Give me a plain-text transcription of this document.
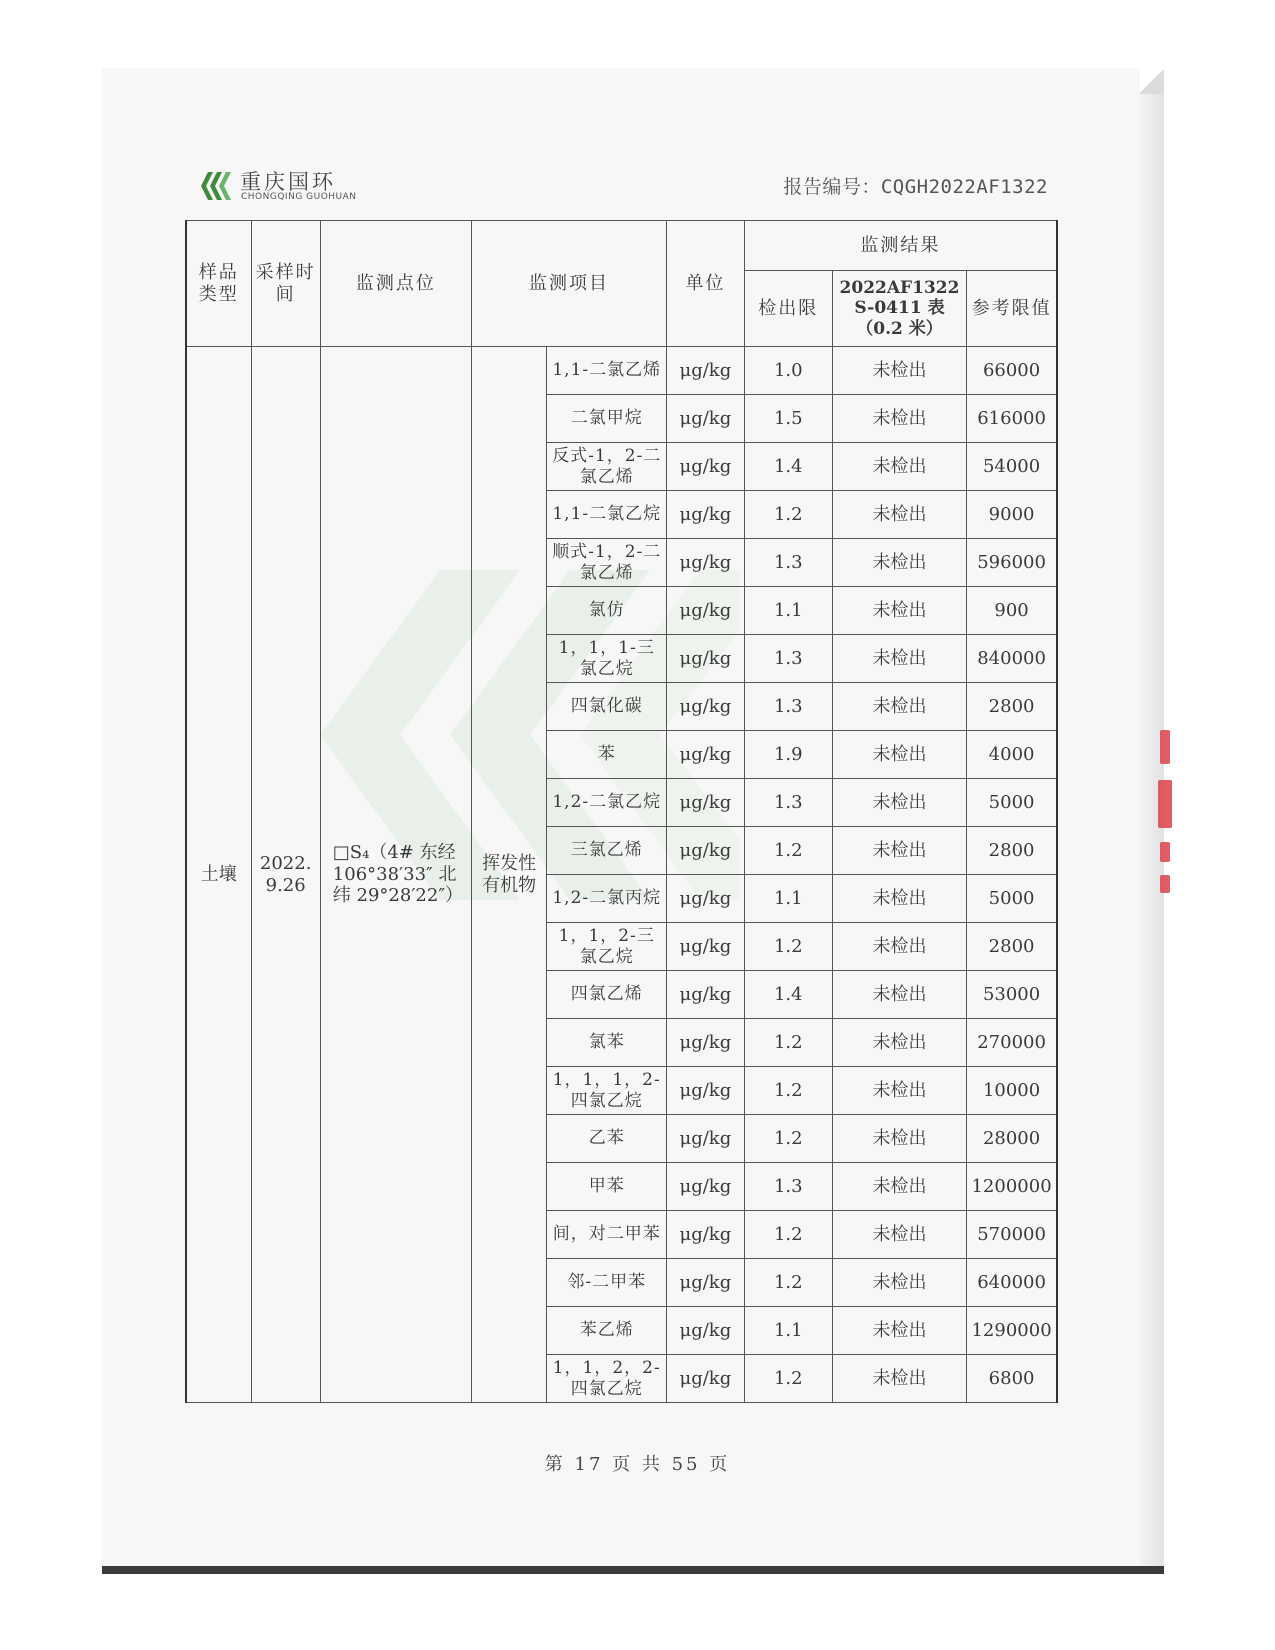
重庆国环
CHONGQING GUOHUAN	报告编号：CQGH2022AF1322
样品类型	采样时间	监测点位	监测项目		单位	监测结果		
						检出限	2022AF1322 S-0411 表 （0.2 米）	参考限值
土壤	2022. 9.26	□S₄（4# 东经 106°38′33″ 北纬 29°28′22″）	挥发性有机物	1,1-二氯乙烯	μg/kg	1.0	未检出	66000
				二氯甲烷	μg/kg	1.5	未检出	616000
				反式-1，2-二氯乙烯	μg/kg	1.4	未检出	54000
				1,1-二氯乙烷	μg/kg	1.2	未检出	9000
				顺式-1，2-二氯乙烯	μg/kg	1.3	未检出	596000
				氯仿	μg/kg	1.1	未检出	900
				1，1，1-三氯乙烷	μg/kg	1.3	未检出	840000
				四氯化碳	μg/kg	1.3	未检出	2800
				苯	μg/kg	1.9	未检出	4000
				1,2-二氯乙烷	μg/kg	1.3	未检出	5000
				三氯乙烯	μg/kg	1.2	未检出	2800
				1,2-二氯丙烷	μg/kg	1.1	未检出	5000
				1，1，2-三氯乙烷	μg/kg	1.2	未检出	2800
				四氯乙烯	μg/kg	1.4	未检出	53000
				氯苯	μg/kg	1.2	未检出	270000
				1，1，1，2-四氯乙烷	μg/kg	1.2	未检出	10000
				乙苯	μg/kg	1.2	未检出	28000
				甲苯	μg/kg	1.3	未检出	1200000
				间，对二甲苯	μg/kg	1.2	未检出	570000
				邻-二甲苯	μg/kg	1.2	未检出	640000
				苯乙烯	μg/kg	1.1	未检出	1290000
				1，1，2，2-四氯乙烷	μg/kg	1.2	未检出	6800
第 17 页 共 55 页
